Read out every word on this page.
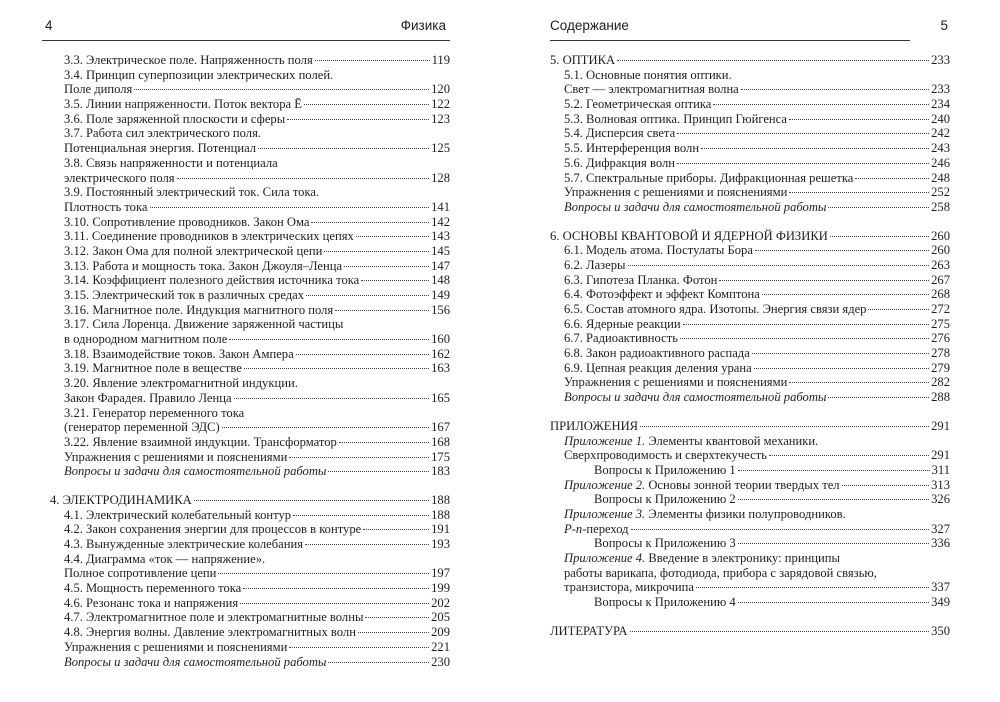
4	Физика
3.3. Электрическое поле. Напряженность поля	119
3.4. Принцип суперпозиции электрических полей.
Поле диполя	120
3.5. Линии напряженности. Поток вектора Ē	122
3.6. Поле заряженной плоскости и сферы	123
3.7. Работа сил электрического поля.
Потенциальная энергия. Потенциал	125
3.8. Связь напряженности и потенциала
электрического поля	128
3.9. Постоянный электрический ток. Сила тока.
Плотность тока	141
3.10. Сопротивление проводников. Закон Ома	142
3.11. Соединение проводников в электрических цепях	143
3.12. Закон Ома для полной электрической цепи	145
3.13. Работа и мощность тока. Закон Джоуля–Ленца	147
3.14. Коэффициент полезного действия источника тока	148
3.15. Электрический ток в различных средах	149
3.16. Магнитное поле. Индукция магнитного поля	156
3.17. Сила Лоренца. Движение заряженной частицы
в однородном магнитном поле	160
3.18. Взаимодействие токов. Закон Ампера	162
3.19. Магнитное поле в веществе	163
3.20. Явление электромагнитной индукции.
Закон Фарадея. Правило Ленца	165
3.21. Генератор переменного тока
(генератор переменной ЭДС)	167
3.22. Явление взаимной индукции. Трансформатор	168
Упражнения с решениями и пояснениями	175
Вопросы и задачи для самостоятельной работы	183
4. ЭЛЕКТРОДИНАМИКА	188
4.1. Электрический колебательный контур	188
4.2. Закон сохранения энергии для процессов в контуре	191
4.3. Вынужденные электрические колебания	193
4.4. Диаграмма «ток — напряжение».
Полное сопротивление цепи	197
4.5. Мощность переменного тока	199
4.6. Резонанс тока и напряжения	202
4.7. Электромагнитное поле и электромагнитные волны	205
4.8. Энергия волны. Давление электромагнитных волн	209
Упражнения с решениями и пояснениями	221
Вопросы и задачи для самостоятельной работы	230
Содержание	5
5. ОПТИКА	233
5.1. Основные понятия оптики.
Свет — электромагнитная волна	233
5.2. Геометрическая оптика	234
5.3. Волновая оптика. Принцип Гюйгенса	240
5.4. Дисперсия света	242
5.5. Интерференция волн	243
5.6. Дифракция волн	246
5.7. Спектральные приборы. Дифракционная решетка	248
Упражнения с решениями и пояснениями	252
Вопросы и задачи для самостоятельной работы	258
6. ОСНОВЫ КВАНТОВОЙ И ЯДЕРНОЙ ФИЗИКИ	260
6.1. Модель атома. Постулаты Бора	260
6.2. Лазеры	263
6.3. Гипотеза Планка. Фотон	267
6.4. Фотоэффект и эффект Комптона	268
6.5. Состав атомного ядра. Изотопы. Энергия связи ядер	272
6.6. Ядерные реакции	275
6.7. Радиоактивность	276
6.8. Закон радиоактивного распада	278
6.9. Цепная реакция деления урана	279
Упражнения с решениями и пояснениями	282
Вопросы и задачи для самостоятельной работы	288
ПРИЛОЖЕНИЯ	291
Приложение 1. Элементы квантовой механики.
Сверхпроводимость и сверхтекучесть	291
Вопросы к Приложению 1	311
Приложение 2. Основы зонной теории твердых тел	313
Вопросы к Приложению 2	326
Приложение 3. Элементы физики полупроводников.
P-n-переход	327
Вопросы к Приложению 3	336
Приложение 4. Введение в электронику: принципы
работы варикапа, фотодиода, прибора с зарядовой связью,
транзистора, микрочипа	337
Вопросы к Приложению 4	349
ЛИТЕРАТУРА	350
